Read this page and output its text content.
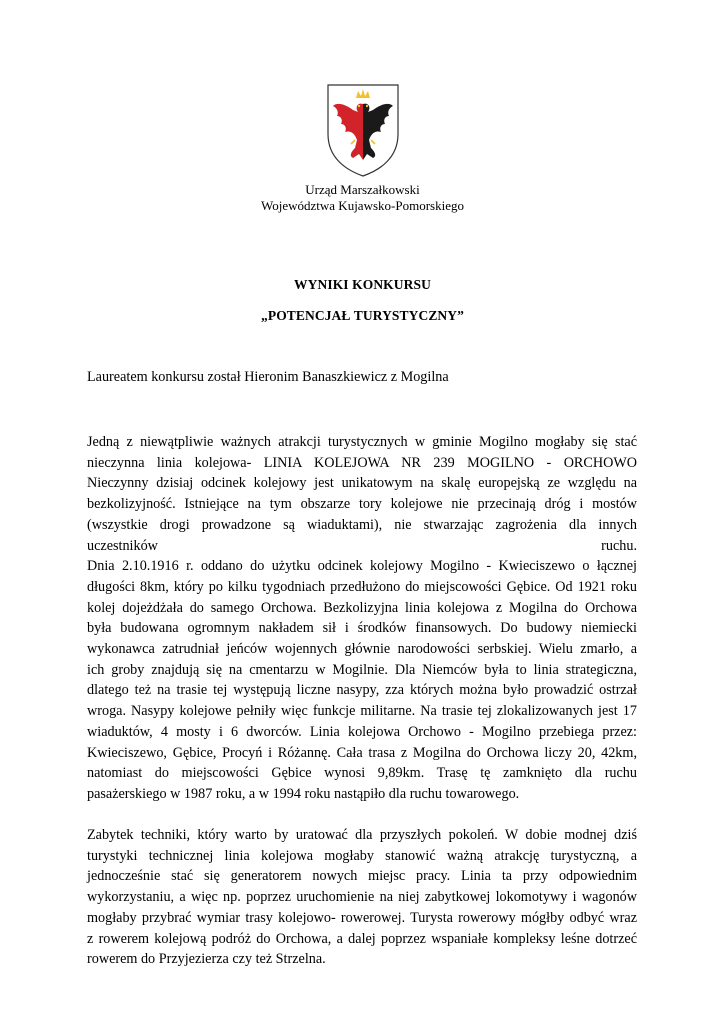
Urząd Marszałkowski
Województwa Kujawsko-Pomorskiego
WYNIKI KONKURSU
„POTENCJAŁ TURYSTYCZNY”

Laureatem konkursu został Hieronim Banaszkiewicz z Mogilna

Jedną z niewątpliwie ważnych atrakcji turystycznych w gminie Mogilno mogłaby się stać
nieczynna linia kolejowa- LINIA KOLEJOWA NR 239 MOGILNO - ORCHOWO
Nieczynny dzisiaj odcinek kolejowy jest unikatowym na skalę europejską ze względu na
bezkolizyjność. Istniejące na tym obszarze tory kolejowe nie przecinają dróg i mostów
(wszystkie drogi prowadzone są wiaduktami), nie stwarzając zagrożenia dla innych
uczestników ruchu.
Dnia 2.10.1916 r. oddano do użytku odcinek kolejowy Mogilno - Kwieciszewo o łącznej
długości 8km, który po kilku tygodniach przedłużono do miejscowości Gębice. Od 1921 roku
kolej dojeżdżała do samego Orchowa. Bezkolizyjna linia kolejowa z Mogilna do Orchowa
była budowana ogromnym nakładem sił i środków finansowych. Do budowy niemiecki
wykonawca zatrudniał jeńców wojennych głównie narodowości serbskiej. Wielu zmarło, a
ich groby znajdują się na cmentarzu w Mogilnie. Dla Niemców była to linia strategiczna,
dlatego też na trasie tej występują liczne nasypy, zza których można było prowadzić ostrzał
wroga. Nasypy kolejowe pełniły więc funkcje militarne. Na trasie tej zlokalizowanych jest 17
wiaduktów, 4 mosty i 6 dworców. Linia kolejowa Orchowo - Mogilno przebiega przez:
Kwieciszewo, Gębice, Procyń i Różannę. Cała trasa z Mogilna do Orchowa liczy 20, 42km,
natomiast do miejscowości Gębice wynosi 9,89km. Trasę tę zamknięto dla ruchu
pasażerskiego w 1987 roku, a w 1994 roku nastąpiło dla ruchu towarowego.

Zabytek techniki, który warto by uratować dla przyszłych pokoleń. W dobie modnej dziś
turystyki technicznej linia kolejowa mogłaby stanowić ważną atrakcję turystyczną, a
jednocześnie stać się generatorem nowych miejsc pracy. Linia ta przy odpowiednim
wykorzystaniu, a więc np. poprzez uruchomienie na niej zabytkowej lokomotywy i wagonów
mogłaby przybrać wymiar trasy kolejowo- rowerowej. Turysta rowerowy mógłby odbyć wraz
z rowerem kolejową podróż do Orchowa, a dalej poprzez wspaniałe kompleksy leśne dotrzeć
rowerem do Przyjezierza czy też Strzelna.
